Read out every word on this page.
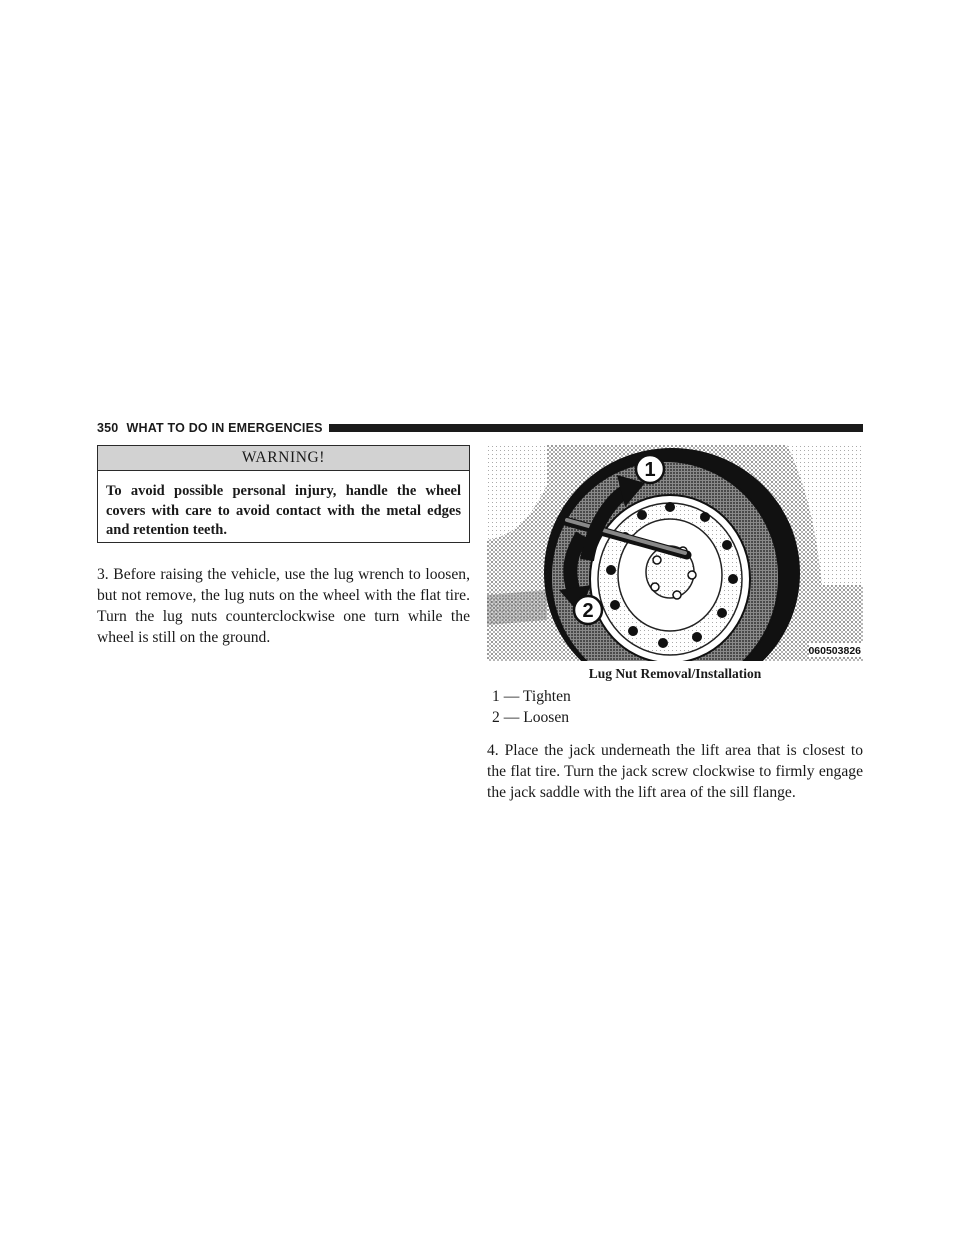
350 WHAT TO DO IN EMERGENCIES
WARNING!
To avoid possible personal injury, handle the wheel covers with care to avoid contact with the metal edges and retention teeth.
3. Before raising the vehicle, use the lug wrench to loosen, but not remove, the lug nuts on the wheel with the flat tire. Turn the lug nuts counterclockwise one turn while the wheel is still on the ground.
1
2
060503826
Lug Nut Removal/Installation
1 — Tighten
2 — Loosen
4. Place the jack underneath the lift area that is closest to the flat tire. Turn the jack screw clockwise to firmly engage the jack saddle with the lift area of the sill flange.
